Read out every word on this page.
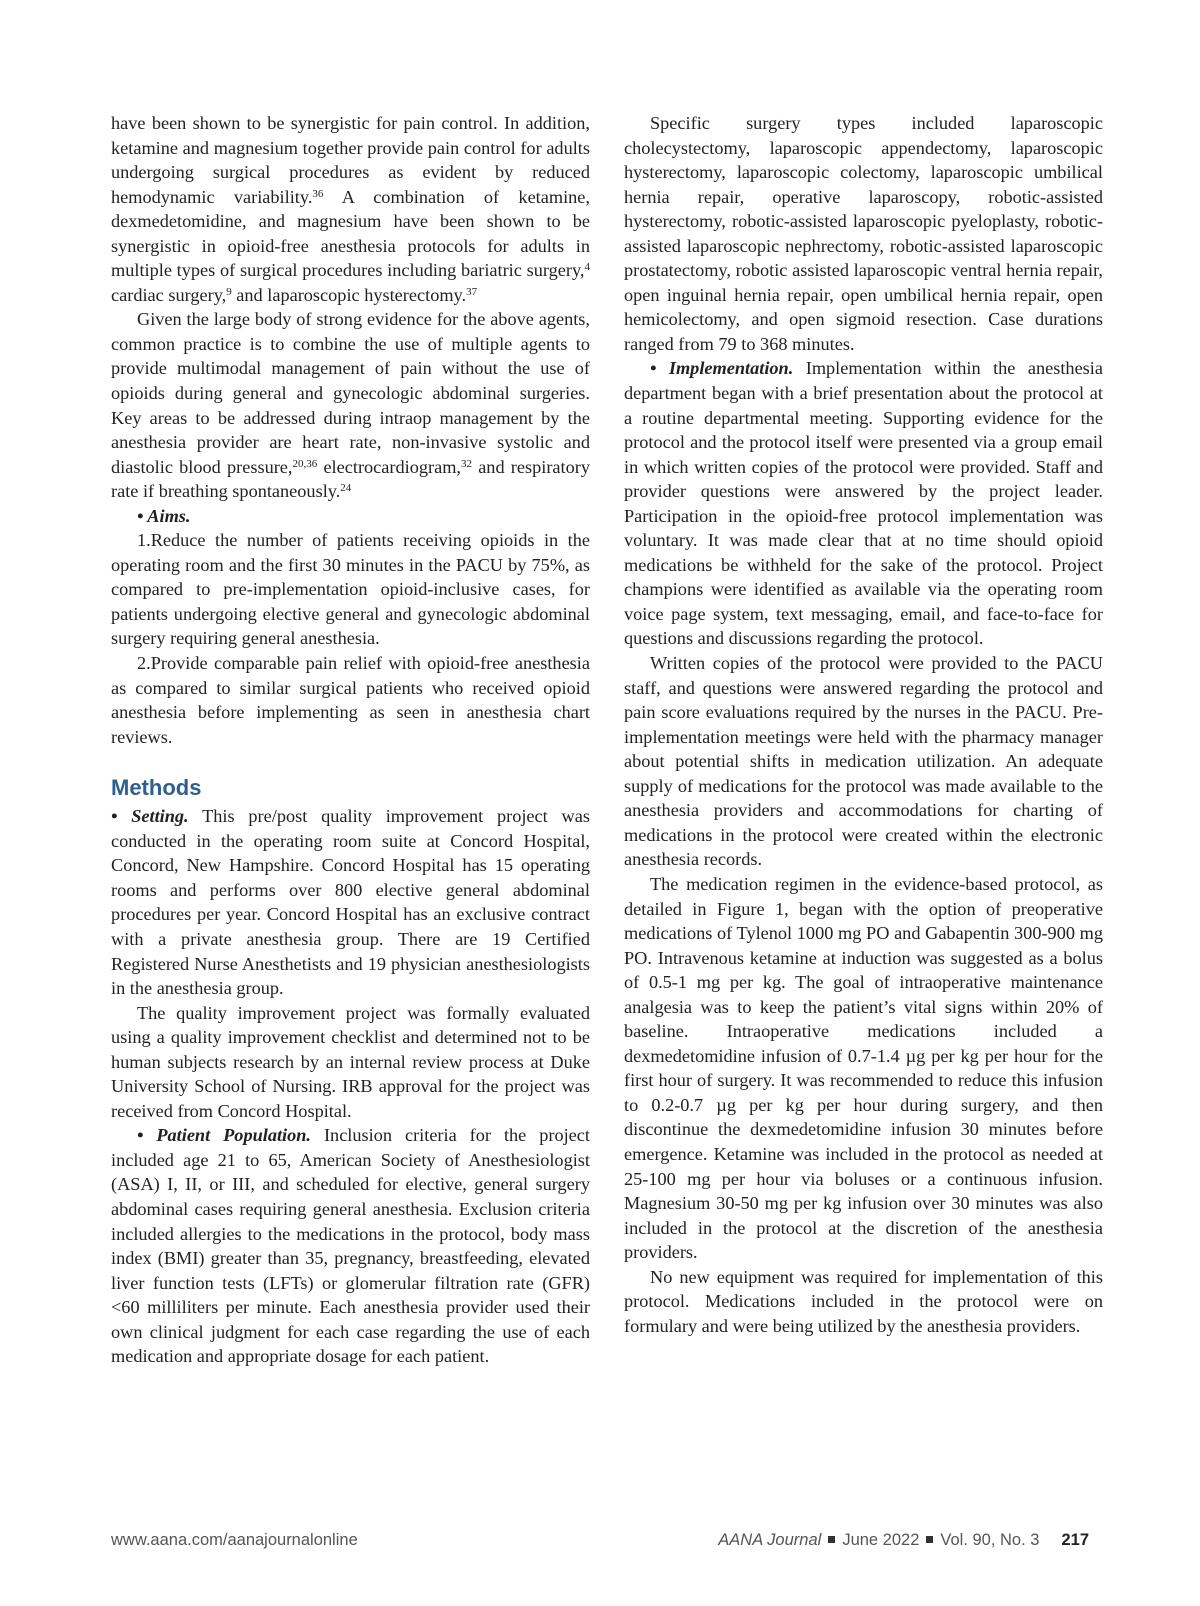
have been shown to be synergistic for pain control. In addition, ketamine and magnesium together provide pain control for adults undergoing surgical procedures as evident by reduced hemodynamic variability.$^{36}$ A combination of ketamine, dexmedetomidine, and magnesium have been shown to be synergistic in opioid-free anesthesia protocols for adults in multiple types of surgical procedures including bariatric surgery,$^4$ cardiac surgery,$^9$ and laparoscopic hysterectomy.$^{37}$

Given the large body of strong evidence for the above agents, common practice is to combine the use of multiple agents to provide multimodal management of pain without the use of opioids during general and gynecologic abdominal surgeries. Key areas to be addressed during intraop management by the anesthesia provider are heart rate, non-invasive systolic and diastolic blood pressure,$^{20,36}$ electrocardiogram,$^{32}$ and respiratory rate if breathing spontaneously.$^{24}$

• Aims.

1.Reduce the number of patients receiving opioids in the operating room and the first 30 minutes in the PACU by 75%, as compared to pre-implementation opioid-inclusive cases, for patients undergoing elective general and gynecologic abdominal surgery requiring general anesthesia.

2.Provide comparable pain relief with opioid-free anesthesia as compared to similar surgical patients who received opioid anesthesia before implementing as seen in anesthesia chart reviews.

Methods

• Setting. This pre/post quality improvement project was conducted in the operating room suite at Concord Hospital, Concord, New Hampshire. Concord Hospital has 15 operating rooms and performs over 800 elective general abdominal procedures per year. Concord Hospital has an exclusive contract with a private anesthesia group. There are 19 Certified Registered Nurse Anesthetists and 19 physician anesthesiologists in the anesthesia group.

The quality improvement project was formally evaluated using a quality improvement checklist and determined not to be human subjects research by an internal review process at Duke University School of Nursing. IRB approval for the project was received from Concord Hospital.

• Patient Population. Inclusion criteria for the project included age 21 to 65, American Society of Anesthesiologist (ASA) I, II, or III, and scheduled for elective, general surgery abdominal cases requiring general anesthesia. Exclusion criteria included allergies to the medications in the protocol, body mass index (BMI) greater than 35, pregnancy, breastfeeding, elevated liver function tests (LFTs) or glomerular filtration rate (GFR) <60 milliliters per minute. Each anesthesia provider used their own clinical judgment for each case regarding the use of each medication and appropriate dosage for each patient.

Specific surgery types included laparoscopic cholecystectomy, laparoscopic appendectomy, laparoscopic hysterectomy, laparoscopic colectomy, laparoscopic umbilical hernia repair, operative laparoscopy, robotic-assisted hysterectomy, robotic-assisted laparoscopic pyeloplasty, robotic-assisted laparoscopic nephrectomy, robotic-assisted laparoscopic prostatectomy, robotic assisted laparoscopic ventral hernia repair, open inguinal hernia repair, open umbilical hernia repair, open hemicolectomy, and open sigmoid resection. Case durations ranged from 79 to 368 minutes.

• Implementation. Implementation within the anesthesia department began with a brief presentation about the protocol at a routine departmental meeting. Supporting evidence for the protocol and the protocol itself were presented via a group email in which written copies of the protocol were provided. Staff and provider questions were answered by the project leader. Participation in the opioid-free protocol implementation was voluntary. It was made clear that at no time should opioid medications be withheld for the sake of the protocol. Project champions were identified as available via the operating room voice page system, text messaging, email, and face-to-face for questions and discussions regarding the protocol.

Written copies of the protocol were provided to the PACU staff, and questions were answered regarding the protocol and pain score evaluations required by the nurses in the PACU. Pre-implementation meetings were held with the pharmacy manager about potential shifts in medication utilization. An adequate supply of medications for the protocol was made available to the anesthesia providers and accommodations for charting of medications in the protocol were created within the electronic anesthesia records.

The medication regimen in the evidence-based protocol, as detailed in Figure 1, began with the option of preoperative medications of Tylenol 1000 mg PO and Gabapentin 300-900 mg PO. Intravenous ketamine at induction was suggested as a bolus of 0.5-1 mg per kg. The goal of intraoperative maintenance analgesia was to keep the patient’s vital signs within 20% of baseline. Intraoperative medications included a dexmedetomidine infusion of 0.7-1.4 µg per kg per hour for the first hour of surgery. It was recommended to reduce this infusion to 0.2-0.7 µg per kg per hour during surgery, and then discontinue the dexmedetomidine infusion 30 minutes before emergence. Ketamine was included in the protocol as needed at 25-100 mg per hour via boluses or a continuous infusion. Magnesium 30-50 mg per kg infusion over 30 minutes was also included in the protocol at the discretion of the anesthesia providers.

No new equipment was required for implementation of this protocol. Medications included in the protocol were on formulary and were being utilized by the anesthesia providers.

www.aana.com/aanajournalonline	AANA Journal June 2022 Vol. 90, No. 3 217
